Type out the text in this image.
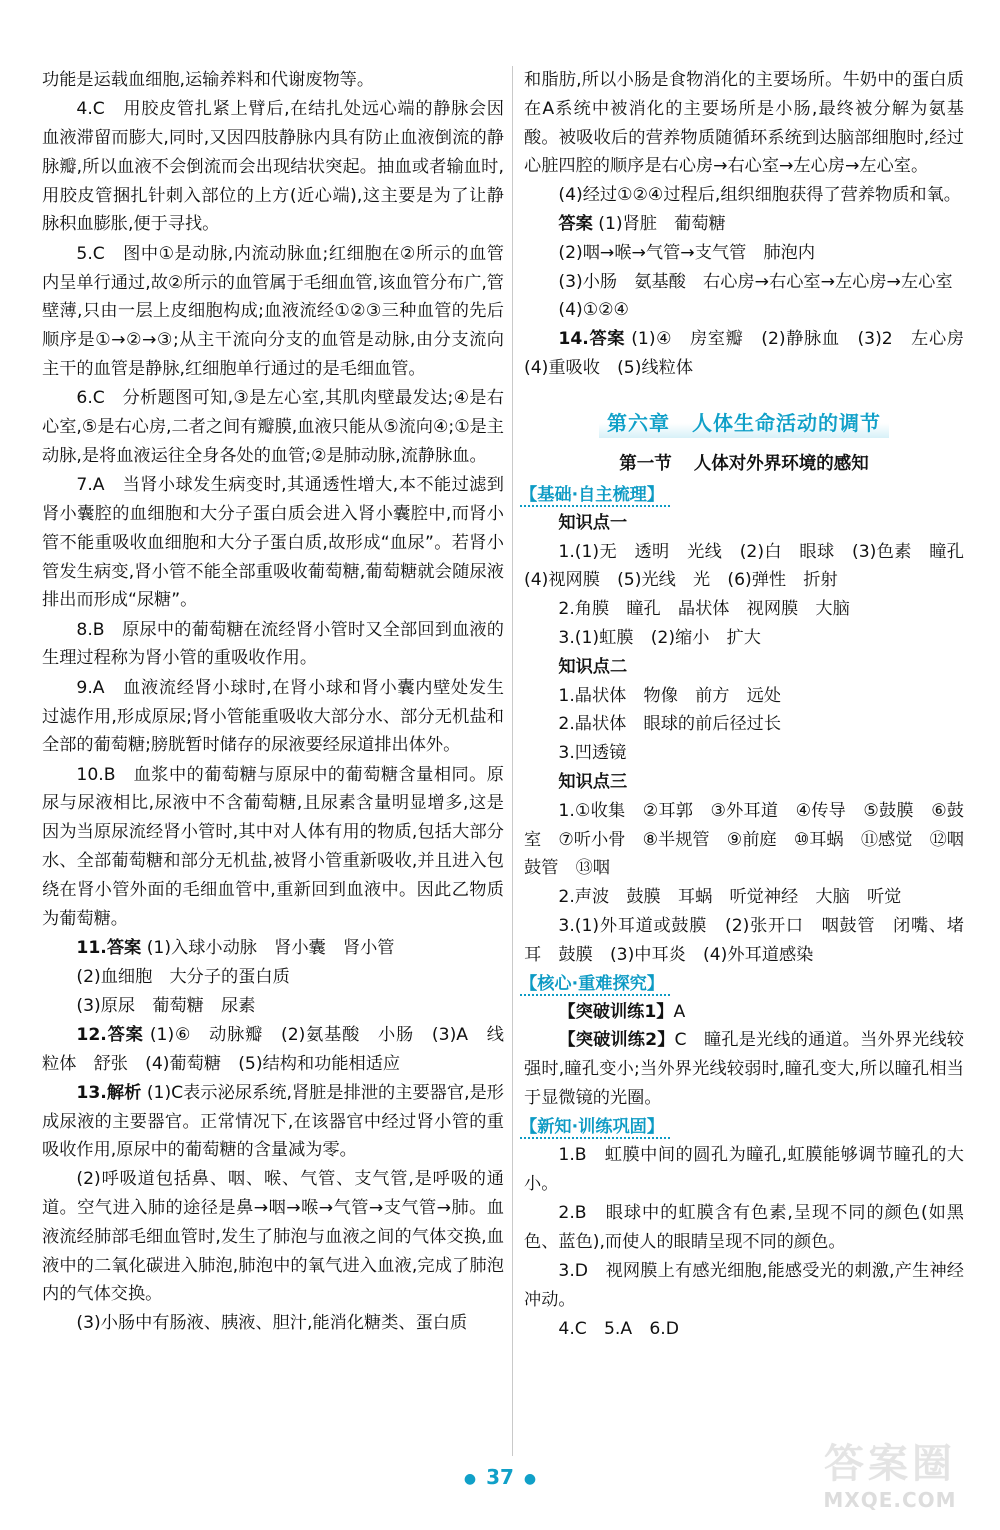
功能是运载血细胞,运输养料和代谢废物等。

4.C　用胶皮管扎紧上臂后,在结扎处远心端的静脉会因血液滞留而膨大,同时,又因四肢静脉内具有防止血液倒流的静脉瓣,所以血液不会倒流而会出现结状突起。抽血或者输血时,用胶皮管捆扎针刺入部位的上方(近心端),这主要是为了让静脉积血膨胀,便于寻找。

5.C　图中①是动脉,内流动脉血;红细胞在②所示的血管内呈单行通过,故②所示的血管属于毛细血管,该血管分布广,管壁薄,只由一层上皮细胞构成;血液流经①②③三种血管的先后顺序是①→②→③;从主干流向分支的血管是动脉,由分支流向主干的血管是静脉,红细胞单行通过的是毛细血管。

6.C　分析题图可知,③是左心室,其肌肉壁最发达;④是右心室,⑤是右心房,二者之间有瓣膜,血液只能从⑤流向④;①是主动脉,是将血液运往全身各处的血管;②是肺动脉,流静脉血。

7.A　当肾小球发生病变时,其通透性增大,本不能过滤到肾小囊腔的血细胞和大分子蛋白质会进入肾小囊腔中,而肾小管不能重吸收血细胞和大分子蛋白质,故形成“血尿”。若肾小管发生病变,肾小管不能全部重吸收葡萄糖,葡萄糖就会随尿液排出而形成“尿糖”。

8.B　原尿中的葡萄糖在流经肾小管时又全部回到血液的生理过程称为肾小管的重吸收作用。

9.A　血液流经肾小球时,在肾小球和肾小囊内壁处发生过滤作用,形成原尿;肾小管能重吸收大部分水、部分无机盐和全部的葡萄糖;膀胱暂时储存的尿液要经尿道排出体外。

10.B　血浆中的葡萄糖与原尿中的葡萄糖含量相同。原尿与尿液相比,尿液中不含葡萄糖,且尿素含量明显增多,这是因为当原尿流经肾小管时,其中对人体有用的物质,包括大部分水、全部葡萄糖和部分无机盐,被肾小管重新吸收,并且进入包绕在肾小管外面的毛细血管中,重新回到血液中。因此乙物质为葡萄糖。

11.答案 (1)入球小动脉　肾小囊　肾小管

(2)血细胞　大分子的蛋白质

(3)原尿　葡萄糖　尿素

12.答案 (1)⑥　动脉瓣　(2)氨基酸　小肠　(3)A　线粒体　舒张　(4)葡萄糖　(5)结构和功能相适应

13.解析 (1)C表示泌尿系统,肾脏是排泄的主要器官,是形成尿液的主要器官。正常情况下,在该器官中经过肾小管的重吸收作用,原尿中的葡萄糖的含量减为零。

(2)呼吸道包括鼻、咽、喉、气管、支气管,是呼吸的通道。空气进入肺的途径是鼻→咽→喉→气管→支气管→肺。血液流经肺部毛细血管时,发生了肺泡与血液之间的气体交换,血液中的二氧化碳进入肺泡,肺泡中的氧气进入血液,完成了肺泡内的气体交换。

(3)小肠中有肠液、胰液、胆汁,能消化糖类、蛋白质

和脂肪,所以小肠是食物消化的主要场所。牛奶中的蛋白质在A系统中被消化的主要场所是小肠,最终被分解为氨基酸。被吸收后的营养物质随循环系统到达脑部细胞时,经过心脏四腔的顺序是右心房→右心室→左心房→左心室。

(4)经过①②④过程后,组织细胞获得了营养物质和氧。

答案 (1)肾脏　葡萄糖

(2)咽→喉→气管→支气管　肺泡内

(3)小肠　氨基酸　右心房→右心室→左心房→左心室

(4)①②④

14.答案 (1)④　房室瓣　(2)静脉血　(3)2　左心房　(4)重吸收　(5)线粒体

第六章 人体生命活动的调节
第一节 人体对外界环境的感知
【基础·自主梳理】

知识点一

1.(1)无　透明　光线　(2)白　眼球　(3)色素　瞳孔　(4)视网膜　(5)光线　光　(6)弹性　折射

2.角膜　瞳孔　晶状体　视网膜　大脑

3.(1)虹膜　(2)缩小　扩大

知识点二

1.晶状体　物像　前方　远处

2.晶状体　眼球的前后径过长

3.凹透镜

知识点三

1.①收集　②耳郭　③外耳道　④传导　⑤鼓膜　⑥鼓室　⑦听小骨　⑧半规管　⑨前庭　⑩耳蜗　⑪感觉　⑫咽鼓管　⑬咽

2.声波　鼓膜　耳蜗　听觉神经　大脑　听觉

3.(1)外耳道或鼓膜　(2)张开口　咽鼓管　闭嘴、堵耳　鼓膜　(3)中耳炎　(4)外耳道感染

【核心·重难探究】

【突破训练1】A

【突破训练2】C　瞳孔是光线的通道。当外界光线较强时,瞳孔变小;当外界光线较弱时,瞳孔变大,所以瞳孔相当于显微镜的光圈。

【新知·训练巩固】

1.B　虹膜中间的圆孔为瞳孔,虹膜能够调节瞳孔的大小。

2.B　眼球中的虹膜含有色素,呈现不同的颜色(如黑色、蓝色),而使人的眼睛呈现不同的颜色。

3.D　视网膜上有感光细胞,能感受光的刺激,产生神经冲动。

4.C　5.A　6.D

● 37 ●	答案圈
MXQE.COM
